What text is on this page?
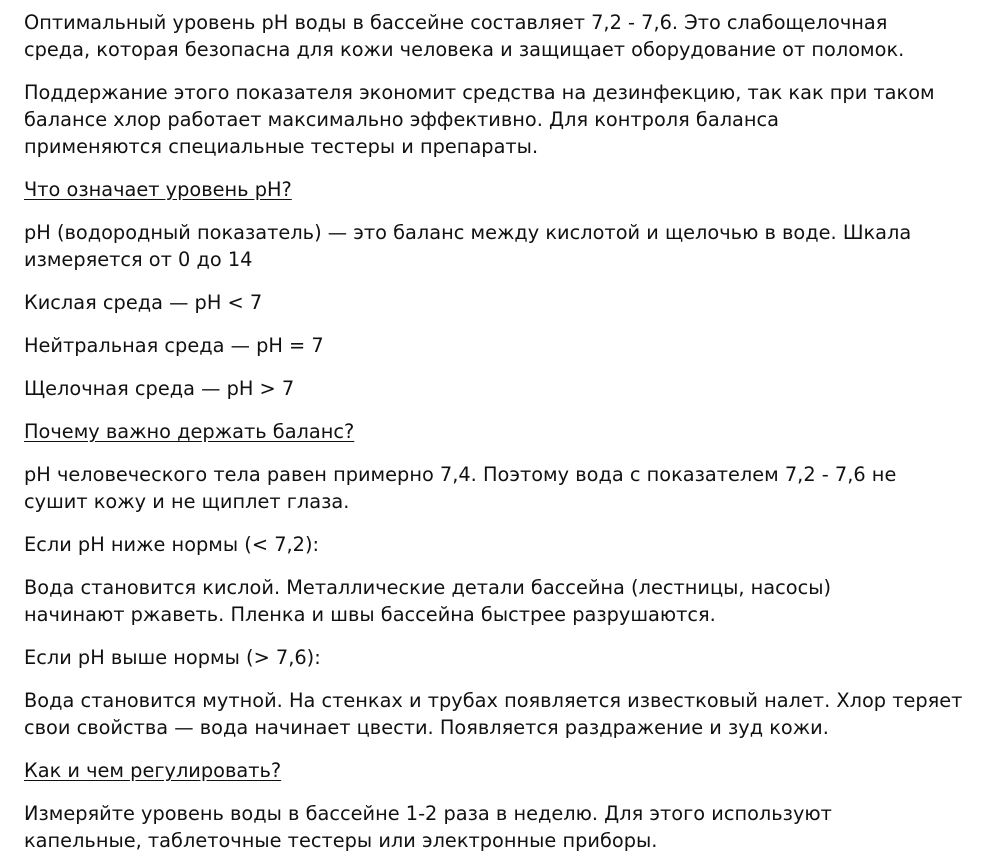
Оптимальный уровень pH воды в бассейне составляет 7,2 - 7,6. Это слабощелочная
среда, которая безопасна для кожи человека и защищает оборудование от поломок.

Поддержание этого показателя экономит средства на дезинфекцию, так как при таком
балансе хлор работает максимально эффективно. Для контроля баланса
применяются специальные тестеры и препараты.

Что означает уровень pH?

pH (водородный показатель) — это баланс между кислотой и щелочью в воде. Шкала
измеряется от 0 до 14

Кислая среда — pH < 7

Нейтральная среда — pH = 7

Щелочная среда — pH > 7

Почему важно держать баланс?

pH человеческого тела равен примерно 7,4. Поэтому вода с показателем 7,2 - 7,6 не
сушит кожу и не щиплет глаза.

Если pH ниже нормы (< 7,2):

Вода становится кислой. Металлические детали бассейна (лестницы, насосы)
начинают ржаветь. Пленка и швы бассейна быстрее разрушаются.

Если pH выше нормы (> 7,6):

Вода становится мутной. На стенках и трубах появляется известковый налет. Хлор теряет
свои свойства — вода начинает цвести. Появляется раздражение и зуд кожи.

Как и чем регулировать?

Измеряйте уровень воды в бассейне 1-2 раза в неделю. Для этого используют
капельные, таблеточные тестеры или электронные приборы.
